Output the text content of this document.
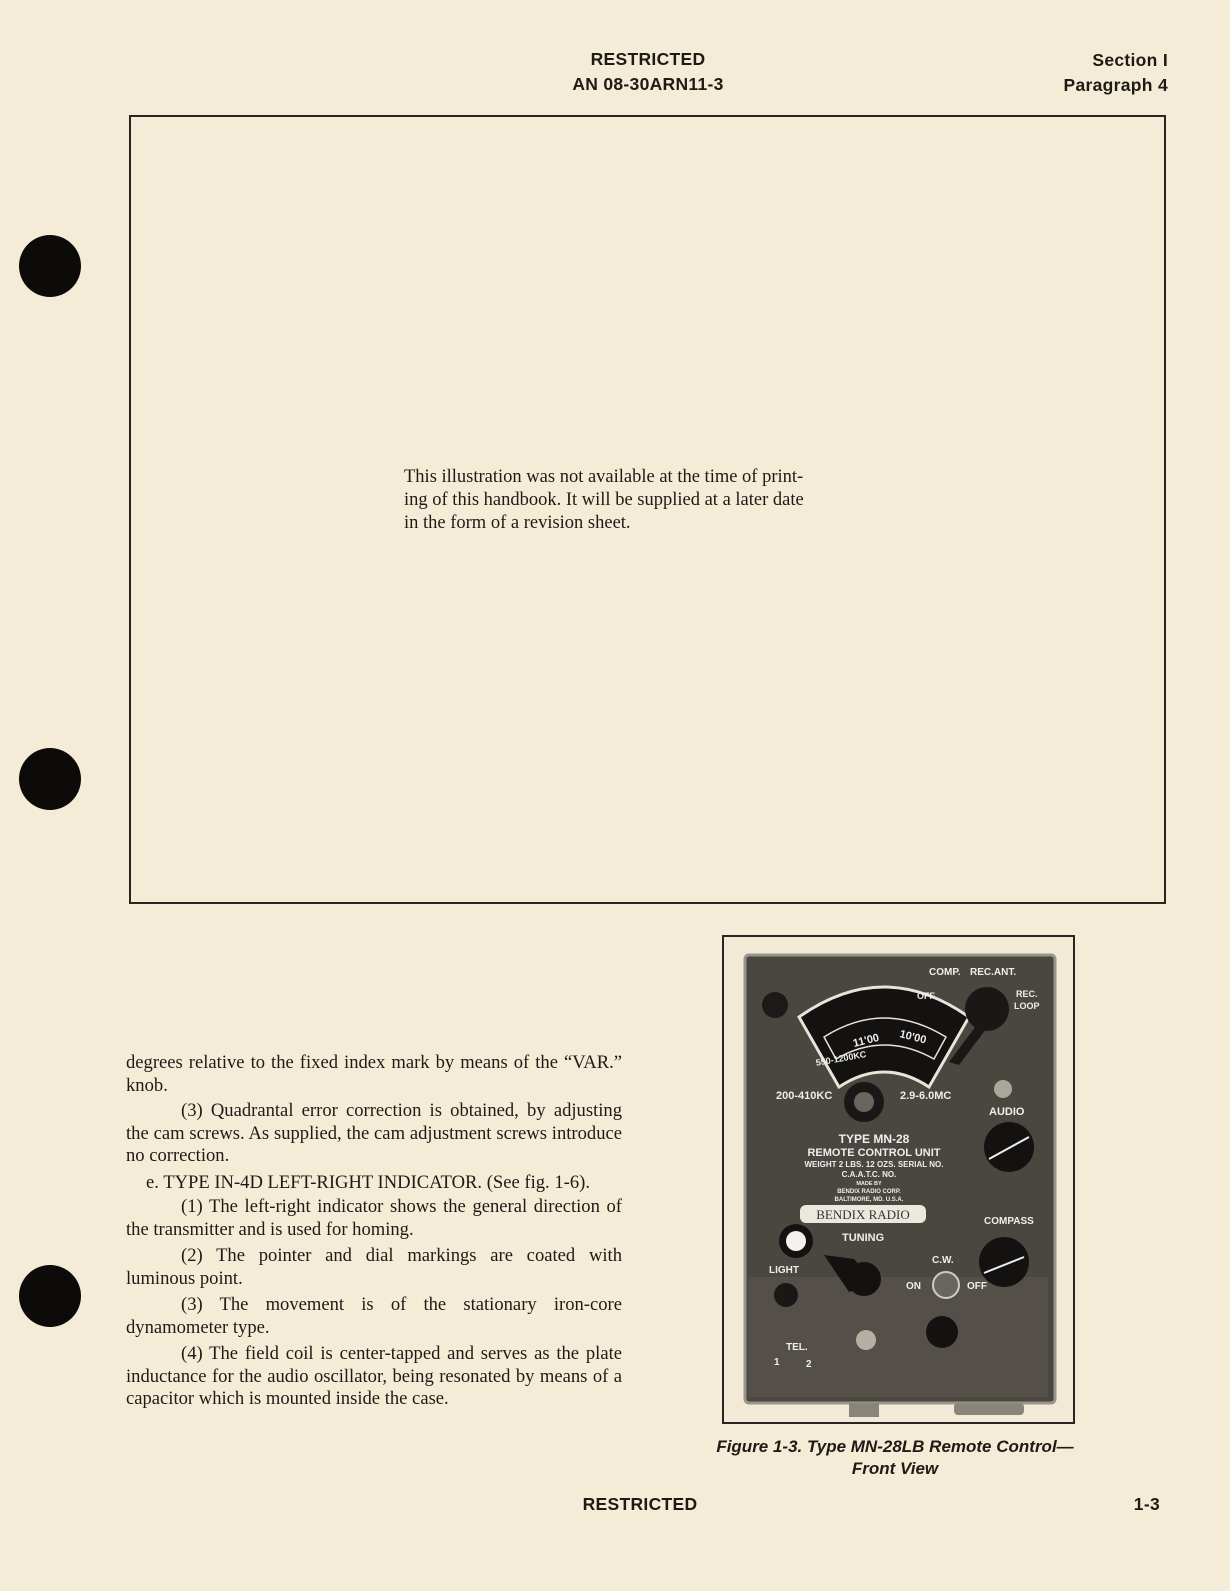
RESTRICTED
AN 08-30ARN11-3
Section I
Paragraph 4
This illustration was not available at the time of print-
ing of this handbook. It will be supplied at a later date
in the form of a revision sheet.

degrees relative to the fixed index mark by means of the “VAR.” knob.

(3) Quadrantal error correction is obtained, by adjusting the cam screws. As supplied, the cam adjustment screws introduce no correction.

e. TYPE IN-4D LEFT-RIGHT INDICATOR. (See fig. 1-6).

(1) The left-right indicator shows the general direction of the transmitter and is used for homing.

(2) The pointer and dial markings are coated with luminous point.

(3) The movement is of the stationary iron-core dynamometer type.

(4) The field coil is center-tapped and serves as the plate inductance for the audio oscillator, being resonated by means of a capacitor which is mounted inside the case.

11'00 10'00
COMP. REC.ANT.
OFF	REC.
LOOP
550-1200KC
200-410KC	2.9-6.0MC
AUDIO
TYPE MN-28
REMOTE CONTROL UNIT
WEIGHT 2 LBS. 12 OZS. SERIAL NO.
C.A.A.T.C. NO.
MADE BY
BENDIX RADIO CORP.
BALTIMORE, MD. U.S.A.
BENDIX RADIO	COMPASS
TUNING
LIGHT
C.W.
ON	OFF
TEL.
1	2
Figure 1-3. Type MN-28LB Remote Control—
Front View
RESTRICTED	1-3
